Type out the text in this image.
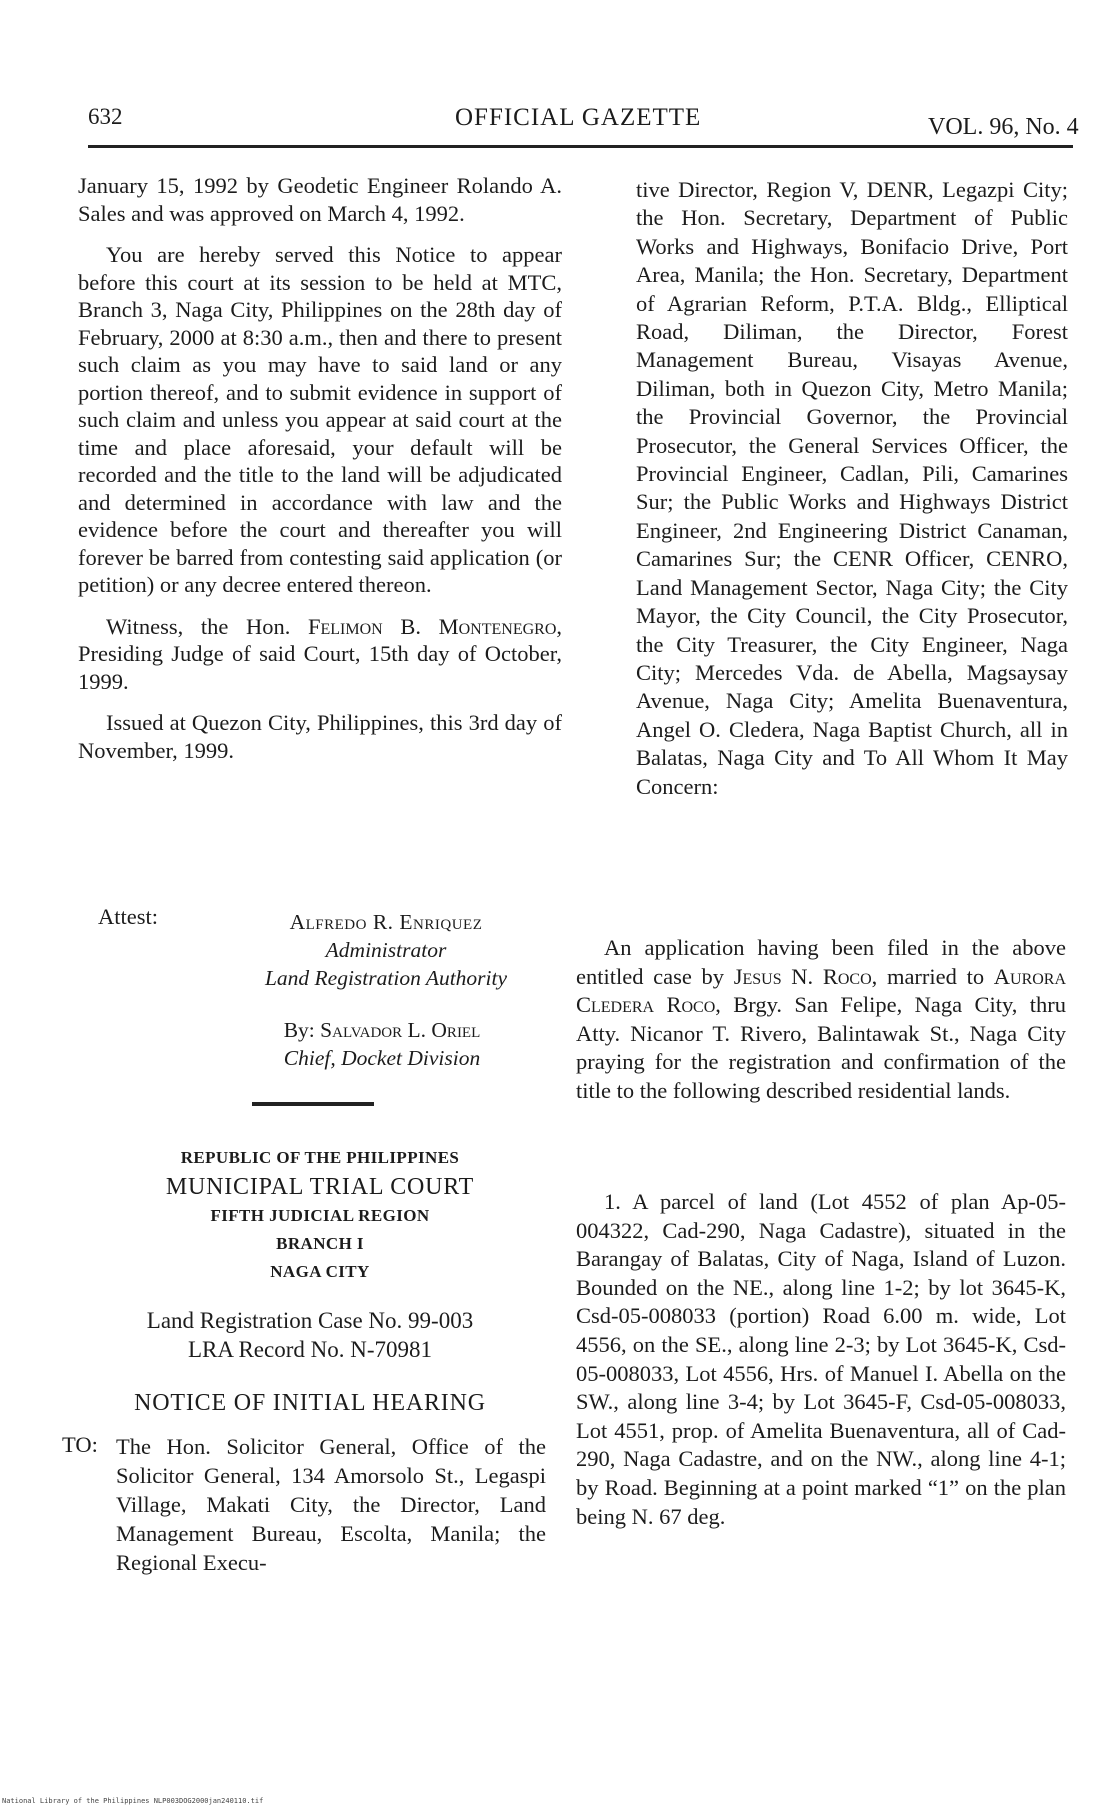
632	OFFICIAL GAZETTE	VOL. 96, No. 4

January 15, 1992 by Geodetic Engineer Rolando A. Sales and was approved on March 4, 1992.

You are hereby served this Notice to appear before this court at its session to be held at MTC, Branch 3, Naga City, Philippines on the 28th day of February, 2000 at 8:30 a.m., then and there to present such claim as you may have to said land or any portion thereof, and to submit evidence in support of such claim and unless you appear at said court at the time and place aforesaid, your default will be recorded and the title to the land will be adjudicated and determined in accordance with law and the evidence before the court and thereafter you will forever be barred from contesting said application (or petition) or any decree entered thereon.

Witness, the Hon. Felimon B. Montenegro, Presiding Judge of said Court, 15th day of October, 1999.

Issued at Quezon City, Philippines, this 3rd day of November, 1999.

Attest:	Alfredo R. Enriquez
Administrator
Land Registration Authority
By: Salvador L. Oriel
Chief, Docket Division
REPUBLIC OF THE PHILIPPINES
MUNICIPAL TRIAL COURT
FIFTH JUDICIAL REGION
BRANCH I
NAGA CITY
Land Registration Case No. 99-003
LRA Record No. N-70981
NOTICE OF INITIAL HEARING
TO: The Hon. Solicitor General, Office of the Solicitor General, 134 Amorsolo St., Legaspi Village, Makati City, the Director, Land Management Bureau, Escolta, Manila; the Regional Execu-

tive Director, Region V, DENR, Legazpi City; the Hon. Secretary, Department of Public Works and Highways, Bonifacio Drive, Port Area, Manila; the Hon. Secretary, Department of Agrarian Reform, P.T.A. Bldg., Elliptical Road, Diliman, the Director, Forest Management Bureau, Visayas Avenue, Diliman, both in Quezon City, Metro Manila; the Provincial Governor, the Provincial Prosecutor, the General Services Officer, the Provincial Engineer, Cadlan, Pili, Camarines Sur; the Public Works and Highways District Engineer, 2nd Engineering District Canaman, Camarines Sur; the CENR Officer, CENRO, Land Management Sector, Naga City; the City Mayor, the City Council, the City Prosecutor, the City Treasurer, the City Engineer, Naga City; Mercedes Vda. de Abella, Magsaysay Avenue, Naga City; Amelita Buenaventura, Angel O. Cledera, Naga Baptist Church, all in Balatas, Naga City and To All Whom It May Concern:

An application having been filed in the above entitled case by Jesus N. Roco, married to Aurora Cledera Roco, Brgy. San Felipe, Naga City, thru Atty. Nicanor T. Rivero, Balintawak St., Naga City praying for the registration and confirmation of the title to the following described residential lands.

1. A parcel of land (Lot 4552 of plan Ap-05-004322, Cad-290, Naga Cadastre), situated in the Barangay of Balatas, City of Naga, Island of Luzon. Bounded on the NE., along line 1-2; by lot 3645-K, Csd-05-008033 (portion) Road 6.00 m. wide, Lot 4556, on the SE., along line 2-3; by Lot 3645-K, Csd-05-008033, Lot 4556, Hrs. of Manuel I. Abella on the SW., along line 3-4; by Lot 3645-F, Csd-05-008033, Lot 4551, prop. of Amelita Buenaventura, all of Cad-290, Naga Cadastre, and on the NW., along line 4-1; by Road. Beginning at a point marked “1” on the plan being N. 67 deg.

National Library of the Philippines NLP003DOG2000jan240110.tif
